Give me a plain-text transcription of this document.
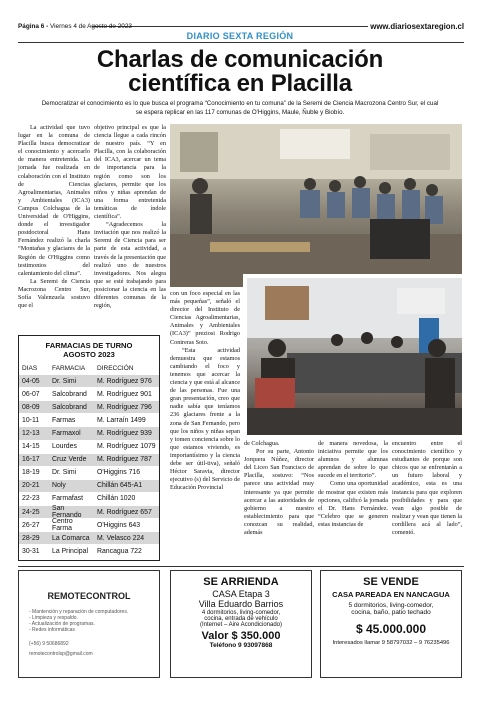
Página 6 - Viernes 4 de Agosto de 2023
DIARIO SEXTA REGIÓN
www.diariosextaregion.cl
Charlas de comunicación
científica en Placilla
Democratizar el conocimiento es lo que busca el programa “Conocimiento en tu comuna” de la Seremi de Ciencia Macrozona Centro Sur, el cual se espera replicar en las 117 comunas de O'Higgins, Maule, Ñuble y Biobío.

La actividad que tuvo lugar en la comuna de Placilla busca democratizar el conocimiento y acercarlo de manera entretenida. La jornada fue realizada en colaboración con el Instituto de Ciencias Agroalimentarias, Animales y Ambientales (ICA3) Campus Colchagua de la Universidad de O'Higgins, donde el investigador postdoctoral Hans Fernández realizó la charla “Montañas y glaciares de la Región de O'Higgins como testimonios del calentamiento del clima”.

La Seremi de Ciencia Macrozona Centro Sur, Sofía Valenzuela sostuvo que el

objetivo principal es que la ciencia llegue a cada rincón de nuestro país. “Y en Placilla, con la colaboración del ICA3, acercar un tema de importancia para la región como son los glaciares, permite que los niños y niñas aprendan de una forma entretenida temáticas de índole científica”.

“Agradecemos la invitación que nos realizó la Seremi de Ciencia para ser parte de esta actividad, a través de la presentación que realizó uno de nuestros investigadores. Nos alegra que se esté trabajando para posicionar la ciencia en las diferentes comunas de la región,

con un foco especial en las más pequeñas”, señaló el director del Instituto de Ciencias Agroalimentarias, Animales y Ambientales (ICA3)” preziosi Rodrigo Contreras Soto.

“Esta actividad demuestra que estamos cambiando el foco y tenemos que acercar la ciencia y que está al alcance de las personas. Fue una gran presentación, creo que nadie sabía que teníamos 236 glaciares frente a la zona de San Fernando, pero que los niños y niñas sepan y tomen conciencia sobre lo que estamos viviendo, es importantísimo y la ciencia debe ser útil-tiva), señaló Héctor Saravia, director ejecutivo (s) del Servicio de Educación Provincial

de Colchagua.

Por su parte, Antonio Jorquera Núñez, director del Liceo San Francisco de Placilla, sostuvo: “Nos parece una actividad muy interesante ya que permite acercar a las autoridades de gobierno a nuestro establecimiento para que conozcan su realidad, además

de manera novedosa, la iniciativa permite que los alumnos y alumnas aprendan de sobre lo que sucede en el territorio”.

Como una oportunidad de mostrar que existen más opciones, calificó la jornada el Dr. Hans Fernández. “Celebro que se generen estas instancias de

encuentro entre el conocimiento científico y estudiantes de porque son chicos que se enfrentarán a un futuro laboral y académico, esta es una instancia para que exploren posibilidades y para que vean algo posible de realizar y vean que tienen la cordillera acá al lado”, comentó.

FARMACIAS DE TURNO
AGOSTO 2023
DIAS	FARMACIA	DIRECCIÓN
04-05	Dr. Simi	M. Rodríguez 976
06-07	Salcobrand	M. Rodríguez 901
08-09	Salcobrand	M. Rodríguez 796
10-11	Farmas	M. Larraín 1499
12-13	Farmaxol	M. Rodríguez 939
14-15	Lourdes	M. Rodríguez 1079
16-17	Cruz Verde	M. Rodríguez 787
18-19	Dr. Simi	O'Higgins 716
20-21	Noly	Chillán 645-A1
22-23	Farmafast	Chillán 1020
24-25	San Fernando	M. Rodríguez 657
26-27	Centro Farma	O'Higgins 643
28-29	La Comarca	M. Velasco 224
30-31	La Principal	Rancagua 722
REMOTECONTROL
- Mantención y reparación de computadores.
- Limpieza y respaldo.
- Actualización de programas.
- Redes informáticas
(+56) 9 50686892
remotecontrolsp@gmail.com
SE ARRIENDA
CASA Etapa 3
Villa Eduardo Barrios
4 dormitorios, living-comedor,
cocina, entrada de vehículo
(Internet – Aire Acondicionado)
Valor $ 350.000
Teléfono 9 93097868
SE VENDE
CASA PAREADA EN NANCAGUA
5 dormitorios, living-comedor,
cocina, baño, patio techado
$ 45.000.000
Interesados llamar 9 58797032 – 9 76235496
